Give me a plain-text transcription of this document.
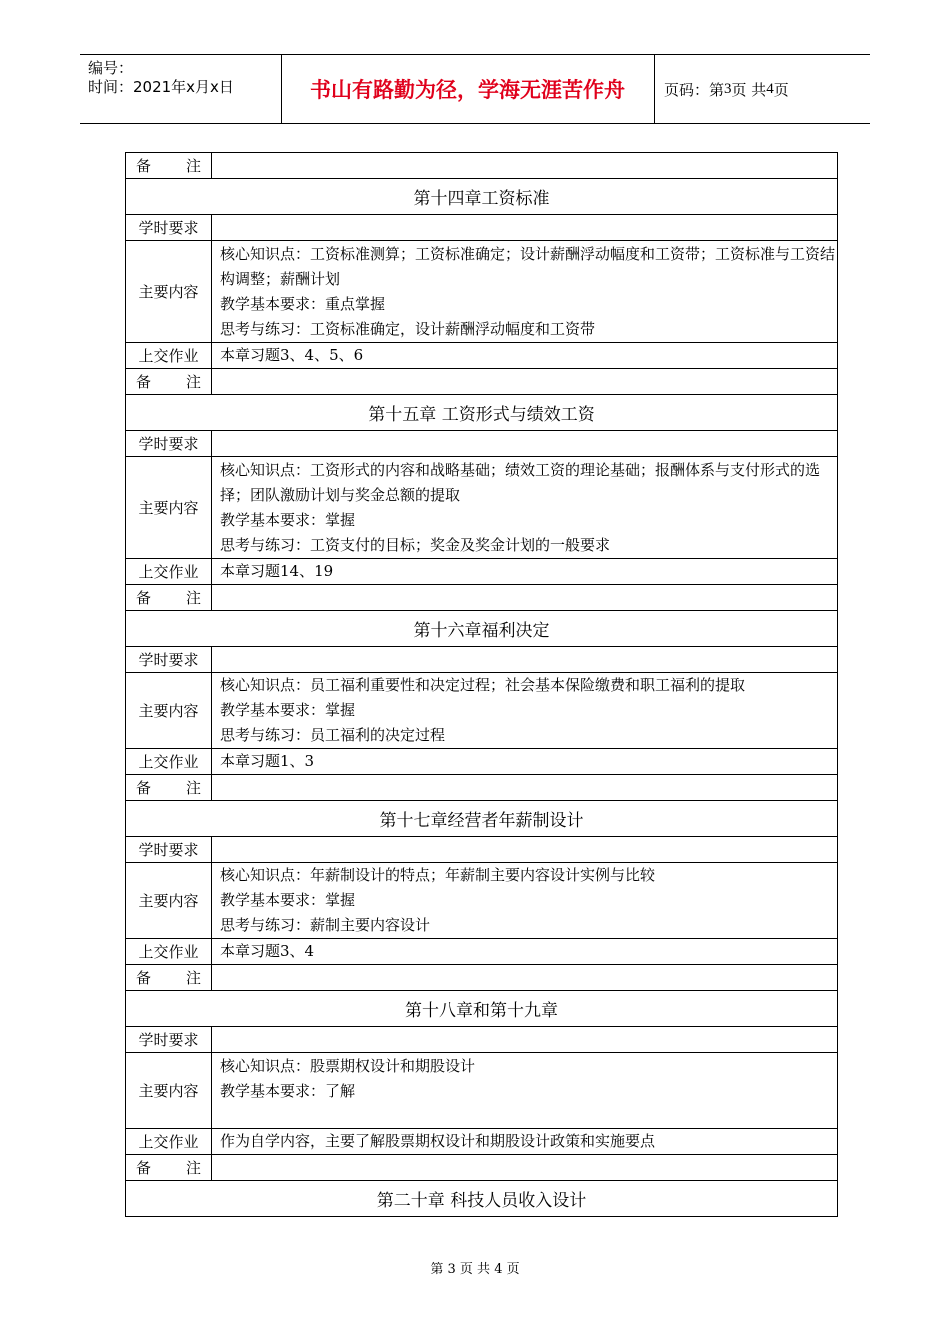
编号：
时间：2021年x月x日	书山有路勤为径，学海无涯苦作舟	页码：第 3 页 共 4 页
备注	
第十四章工资标准	
学时要求	
主要内容	核心知识点：工资标准测算；工资标准确定；设计薪酬浮动幅度和工资带；工资标准与工资结构调整；薪酬计划
教学基本要求：重点掌握
思考与练习：工资标准确定，设计薪酬浮动幅度和工资带

上交作业	本章习题3、4、5、6
备注	
第十五章 工资形式与绩效工资	
学时要求	
主要内容	核心知识点：工资形式的内容和战略基础；绩效工资的理论基础；报酬体系与支付形式的选择；团队激励计划与奖金总额的提取
教学基本要求：掌握
思考与练习：工资支付的目标；奖金及奖金计划的一般要求

上交作业	本章习题14、19
备注	
第十六章福利决定	
学时要求	
主要内容	核心知识点：员工福利重要性和决定过程；社会基本保险缴费和职工福利的提取
教学基本要求：掌握
思考与练习：员工福利的决定过程

上交作业	本章习题1、3
备注	
第十七章经营者年薪制设计	
学时要求	
主要内容	核心知识点：年薪制设计的特点；年薪制主要内容设计实例与比较
教学基本要求：掌握
思考与练习：薪制主要内容设计

上交作业	本章习题3、4
备注	
第十八章和第十九章	
学时要求	
主要内容	核心知识点：股票期权设计和期股设计
教学基本要求：了解

上交作业	作为自学内容，主要了解股票期权设计和期股设计政策和实施要点
备注	
第二十章 科技人员收入设计	
第 3 页 共 4 页
